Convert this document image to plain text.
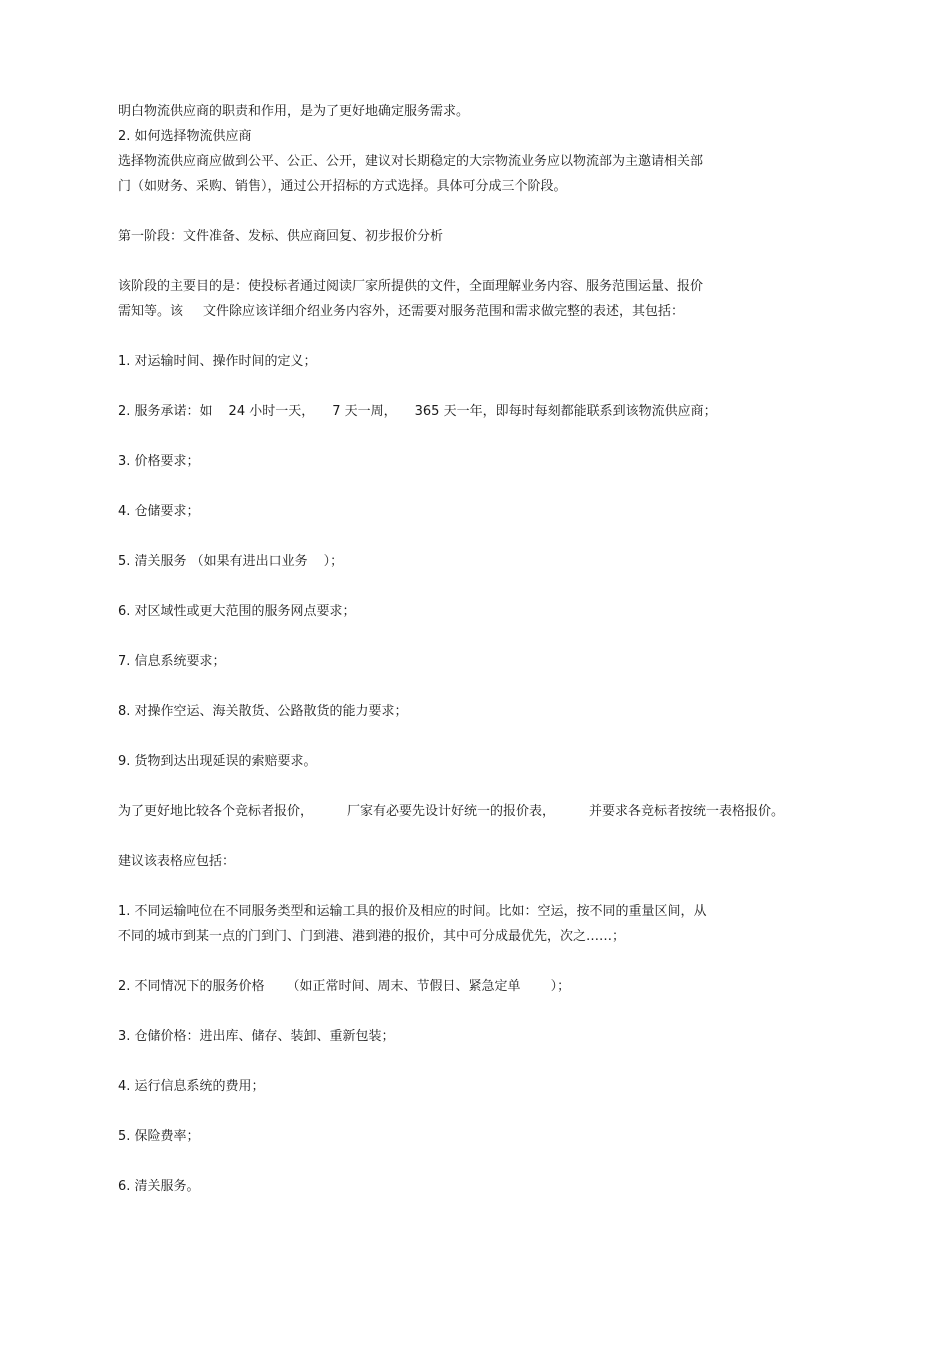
明白物流供应商的职责和作用，是为了更好地确定服务需求。
2. 如何选择物流供应商
选择物流供应商应做到公平、公正、公开，建议对长期稳定的大宗物流业务应以物流部为主邀请相关部
门（如财务、采购、销售），通过公开招标的方式选择。具体可分成三个阶段。
第一阶段：文件准备、发标、供应商回复、初步报价分析
该阶段的主要目的是：使投标者通过阅读厂家所提供的文件，全面理解业务内容、服务范围运量、报价
需知等。该 文件除应该详细介绍业务内容外，还需要对服务范围和需求做完整的表述，其包括：
1. 对运输时间、操作时间的定义；
2. 服务承诺：如 24 小时一天， 7 天一周， 365 天一年，即每时每刻都能联系到该物流供应商；
3. 价格要求；
4. 仓储要求；
5. 清关服务 （如果有进出口业务 ）；
6. 对区域性或更大范围的服务网点要求；
7. 信息系统要求；
8. 对操作空运、海关散货、公路散货的能力要求；
9. 货物到达出现延误的索赔要求。
为了更好地比较各个竞标者报价，	厂家有必要先设计好统一的报价表，	并要求各竞标者按统一表格报价。
建议该表格应包括：
1. 不同运输吨位在不同服务类型和运输工具的报价及相应的时间。比如：空运，按不同的重量区间，从
不同的城市到某一点的门到门、门到港、港到港的报价，其中可分成最优先，次之……；
2. 不同情况下的服务价格 （如正常时间、周末、节假日、紧急定单 ）；
3. 仓储价格：进出库、储存、装卸、重新包装；
4. 运行信息系统的费用；
5. 保险费率；
6. 清关服务。
